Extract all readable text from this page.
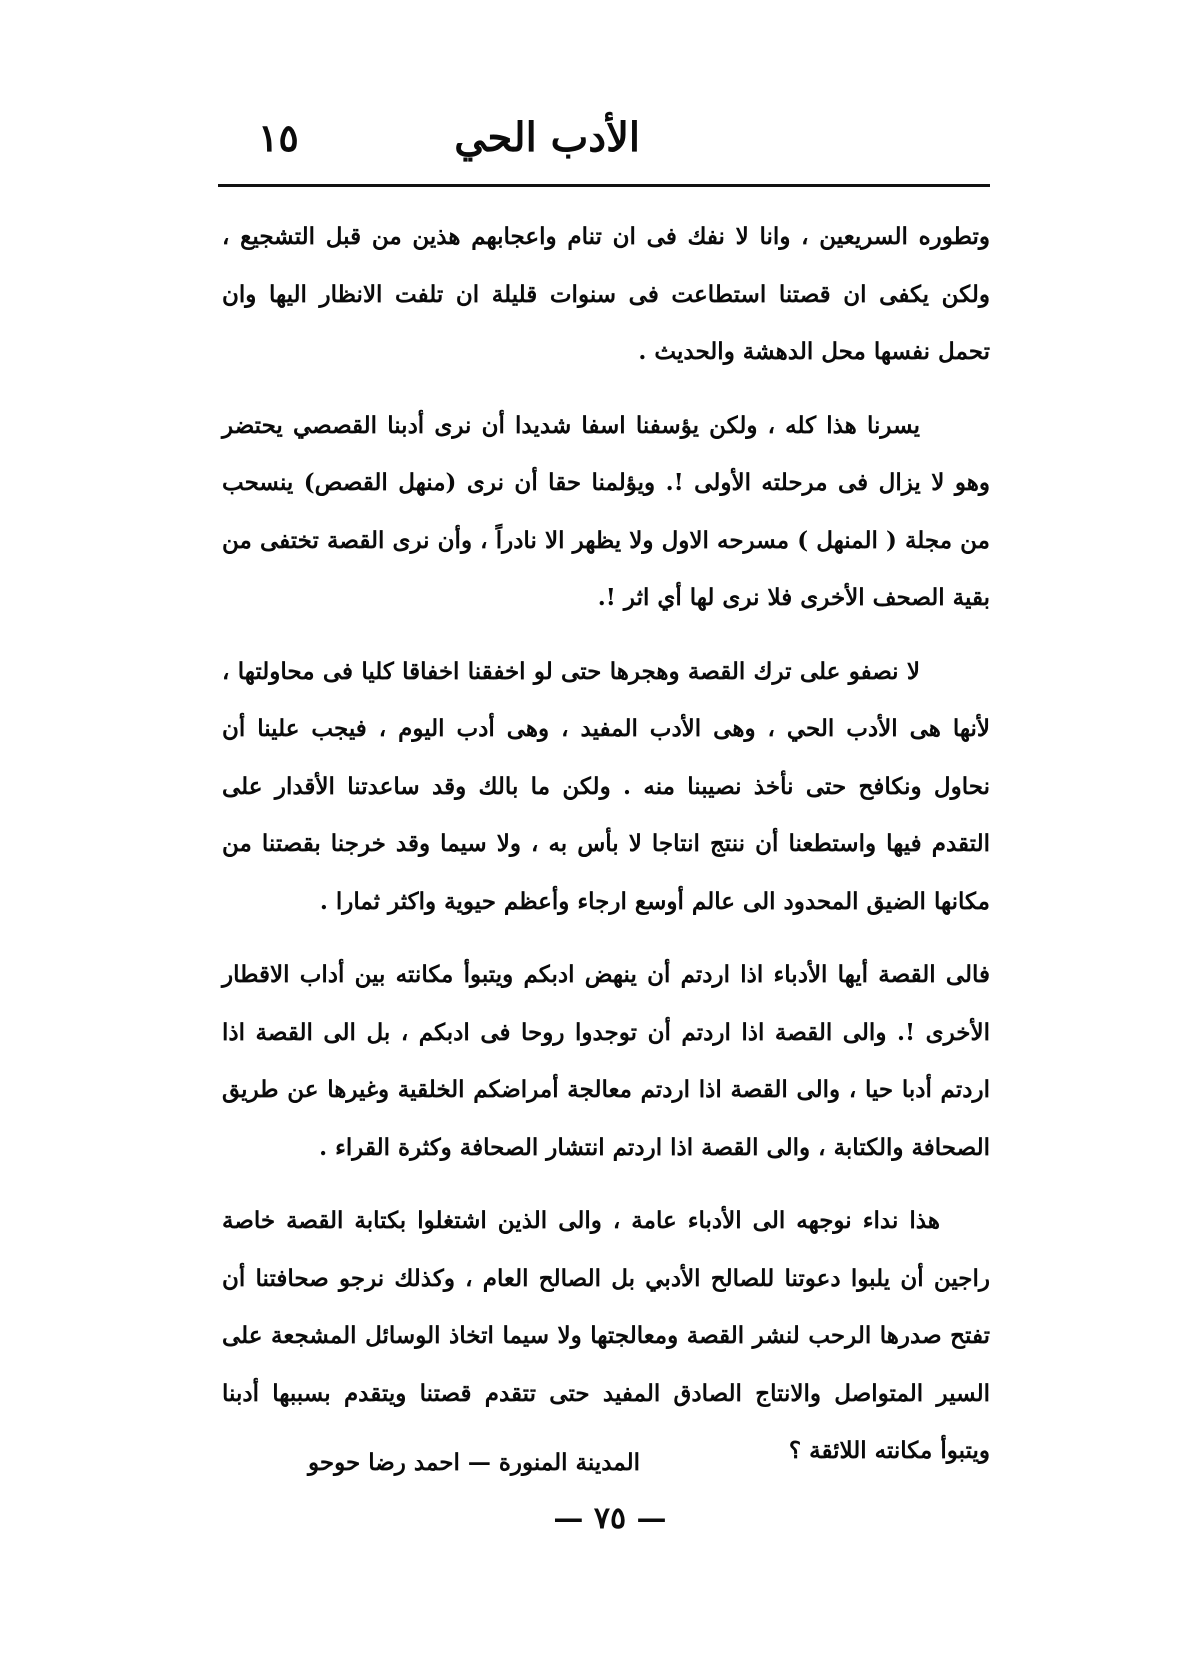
الأدب الحي
١٥

وتطوره السريعين ، وانا لا نفك فى ان تنام واعجابهم هذين من قبل التشجيع ، ولكن يكفى ان قصتنا استطاعت فى سنوات قليلة ان تلفت الانظار اليها وان تحمل نفسها محل الدهشة والحديث .

يسرنا هذا كله ، ولكن يؤسفنا اسفا شديدا أن نرى أدبنا القصصي يحتضر وهو لا يزال فى مرحلته الأولى !. ويؤلمنا حقا أن نرى (منهل القصص) ينسحب من مجلة ( المنهل ) مسرحه الاول ولا يظهر الا نادراً ، وأن نرى القصة تختفى من بقية الصحف الأخرى فلا نرى لها أي اثر !.

لا نصفو على ترك القصة وهجرها حتى لو اخفقنا اخفاقا كليا فى محاولتها ، لأنها هى الأدب الحي ، وهى الأدب المفيد ، وهى أدب اليوم ، فيجب علينا أن نحاول ونكافح حتى نأخذ نصيبنا منه . ولكن ما بالك وقد ساعدتنا الأقدار على التقدم فيها واستطعنا أن ننتج انتاجا لا بأس به ، ولا سيما وقد خرجنا بقصتنا من مكانها الضيق المحدود الى عالم أوسع ارجاء وأعظم حيوية واكثر ثمارا .

فالى القصة أيها الأدباء اذا اردتم أن ينهض ادبكم ويتبوأ مكانته بين أداب الاقطار الأخرى !. والى القصة اذا اردتم أن توجدوا روحا فى ادبكم ، بل الى القصة اذا اردتم أدبا حيا ، والى القصة اذا اردتم معالجة أمراضكم الخلقية وغيرها عن طريق الصحافة والكتابة ، والى القصة اذا اردتم انتشار الصحافة وكثرة القراء .

هذا نداء نوجهه الى الأدباء عامة ، والى الذين اشتغلوا بكتابة القصة خاصة راجين أن يلبوا دعوتنا للصالح الأدبي بل الصالح العام ، وكذلك نرجو صحافتنا أن تفتح صدرها الرحب لنشر القصة ومعالجتها ولا سيما اتخاذ الوسائل المشجعة على السير المتواصل والانتاج الصادق المفيد حتى تتقدم قصتنا ويتقدم بسببها أدبنا ويتبوأ مكانته اللائقة ؟

المدينة المنورة — احمد رضا حوحو
— ٧٥ —
